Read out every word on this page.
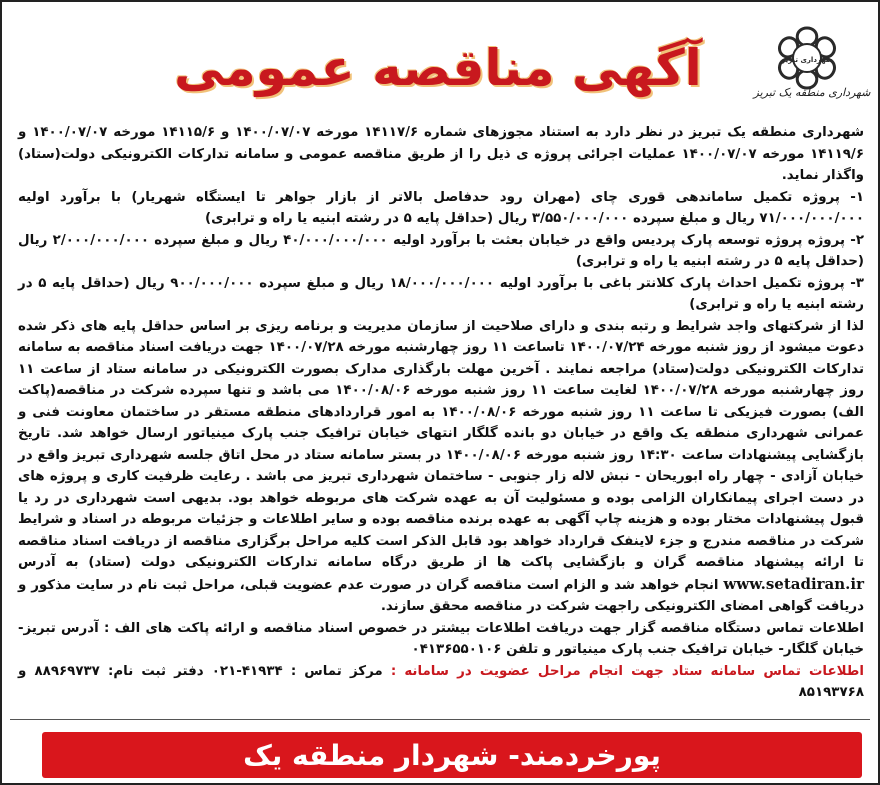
آگهی مناقصه عمومی	شهرداری تبریز
شهرداری منطقه یک تبریز

شهرداری منطقه یک تبریز در نظر دارد به استناد مجوزهای شماره ۱۴۱۱۷/۶ مورخه ۱۴۰۰/۰۷/۰۷ و ۱۴۱۱۵/۶ مورخه ۱۴۰۰/۰۷/۰۷ و ۱۴۱۱۹/۶ مورخه ۱۴۰۰/۰۷/۰۷ عملیات اجرائی پروژه ی ذیل را از طریق مناقصه عمومی و سامانه تدارکات الکترونیکی دولت(ستاد) واگذار نماید.

۱- پروژه تکمیل ساماندهی قوری چای (مهران رود حدفاصل بالاتر از بازار جواهر تا ایستگاه شهریار) با برآورد اولیه ۷۱/۰۰۰/۰۰۰/۰۰۰ ریال و مبلغ سپرده ۳/۵۵۰/۰۰۰/۰۰۰ ریال (حداقل پایه ۵ در رشته ابنیه یا راه و ترابری)

۲- پروژه پروژه توسعه پارک پردیس واقع در خیابان بعثت با برآورد اولیه ۴۰/۰۰۰/۰۰۰/۰۰۰ ریال و مبلغ سپرده ۲/۰۰۰/۰۰۰/۰۰۰ ریال (حداقل پایه ۵ در رشته ابنیه یا راه و ترابری)

۳- پروژه تکمیل احداث پارک کلانتر باغی با برآورد اولیه ۱۸/۰۰۰/۰۰۰/۰۰۰ ریال و مبلغ سپرده ۹۰۰/۰۰۰/۰۰۰ ریال (حداقل پایه ۵ در رشته ابنیه یا راه و ترابری)

لذا از شرکتهای واجد شرایط و رتبه بندی و دارای صلاحیت از سازمان مدیریت و برنامه ریزی بر اساس حداقل پایه های ذکر شده دعوت میشود از روز شنبه مورخه ۱۴۰۰/۰۷/۲۴ تاساعت ۱۱ روز چهارشنبه مورخه ۱۴۰۰/۰۷/۲۸ جهت دریافت اسناد مناقصه به سامانه تدارکات الکترونیکی دولت(ستاد) مراجعه نمایند . آخرین مهلت بارگذاری مدارک بصورت الکترونیکی در سامانه ستاد از ساعت ۱۱ روز چهارشنبه مورخه ۱۴۰۰/۰۷/۲۸ لغایت ساعت ۱۱ روز شنبه مورخه ۱۴۰۰/۰۸/۰۶ می باشد و تنها سپرده شرکت در مناقصه(پاکت الف) بصورت فیزیکی تا ساعت ۱۱ روز شنبه مورخه ۱۴۰۰/۰۸/۰۶ به امور قراردادهای منطقه مستقر در ساختمان معاونت فنی و عمرانی شهرداری منطقه یک واقع در خیابان دو بانده گلگار انتهای خیابان ترافیک جنب پارک مینیاتور ارسال خواهد شد. تاریخ بازگشایی پیشنهادات ساعت ۱۴:۳۰ روز شنبه مورخه ۱۴۰۰/۰۸/۰۶ در بستر سامانه ستاد در محل اتاق جلسه شهرداری تبریز واقع در خیابان آزادی - چهار راه ابوریحان - نبش لاله زار جنوبی - ساختمان شهرداری تبریز می باشد . رعایت ظرفیت کاری و پروژه های در دست اجرای پیمانکاران الزامی بوده و مسئولیت آن به عهده شرکت های مربوطه خواهد بود. بدیهی است شهرداری در رد یا قبول پیشنهادات مختار بوده و هزینه چاپ آگهی به عهده برنده مناقصه بوده و سایر اطلاعات و جزئیات مربوطه در اسناد و شرایط شرکت در مناقصه مندرج و جزء لاینفک قرارداد خواهد بود قابل الذکر است کلیه مراحل برگزاری مناقصه از دریافت اسناد مناقصه تا ارائه پیشنهاد مناقصه گران و بازگشایی پاکت ها از طریق درگاه سامانه تدارکات الکترونیکی دولت (ستاد) به آدرس www.setadiran.ir انجام خواهد شد و الزام است مناقصه گران در صورت عدم عضویت قبلی، مراحل ثبت نام در سایت مذکور و دریافت گواهی امضای الکترونیکی راجهت شرکت در مناقصه محقق سازند.

اطلاعات تماس دستگاه مناقصه گزار جهت دریافت اطلاعات بیشتر در خصوص اسناد مناقصه و ارائه پاکت های الف : آدرس تبریز- خیابان گلگار- خیابان ترافیک جنب پارک مینیاتور و تلفن ۰۴۱۳۶۵۵۰۱۰۶

اطلاعات تماس سامانه ستاد جهت انجام مراحل عضویت در سامانه : مرکز تماس : ۴۱۹۳۴-۰۲۱ دفتر ثبت نام: ۸۸۹۶۹۷۳۷ و ۸۵۱۹۳۷۶۸

پورخردمند- شهردار منطقه یک
